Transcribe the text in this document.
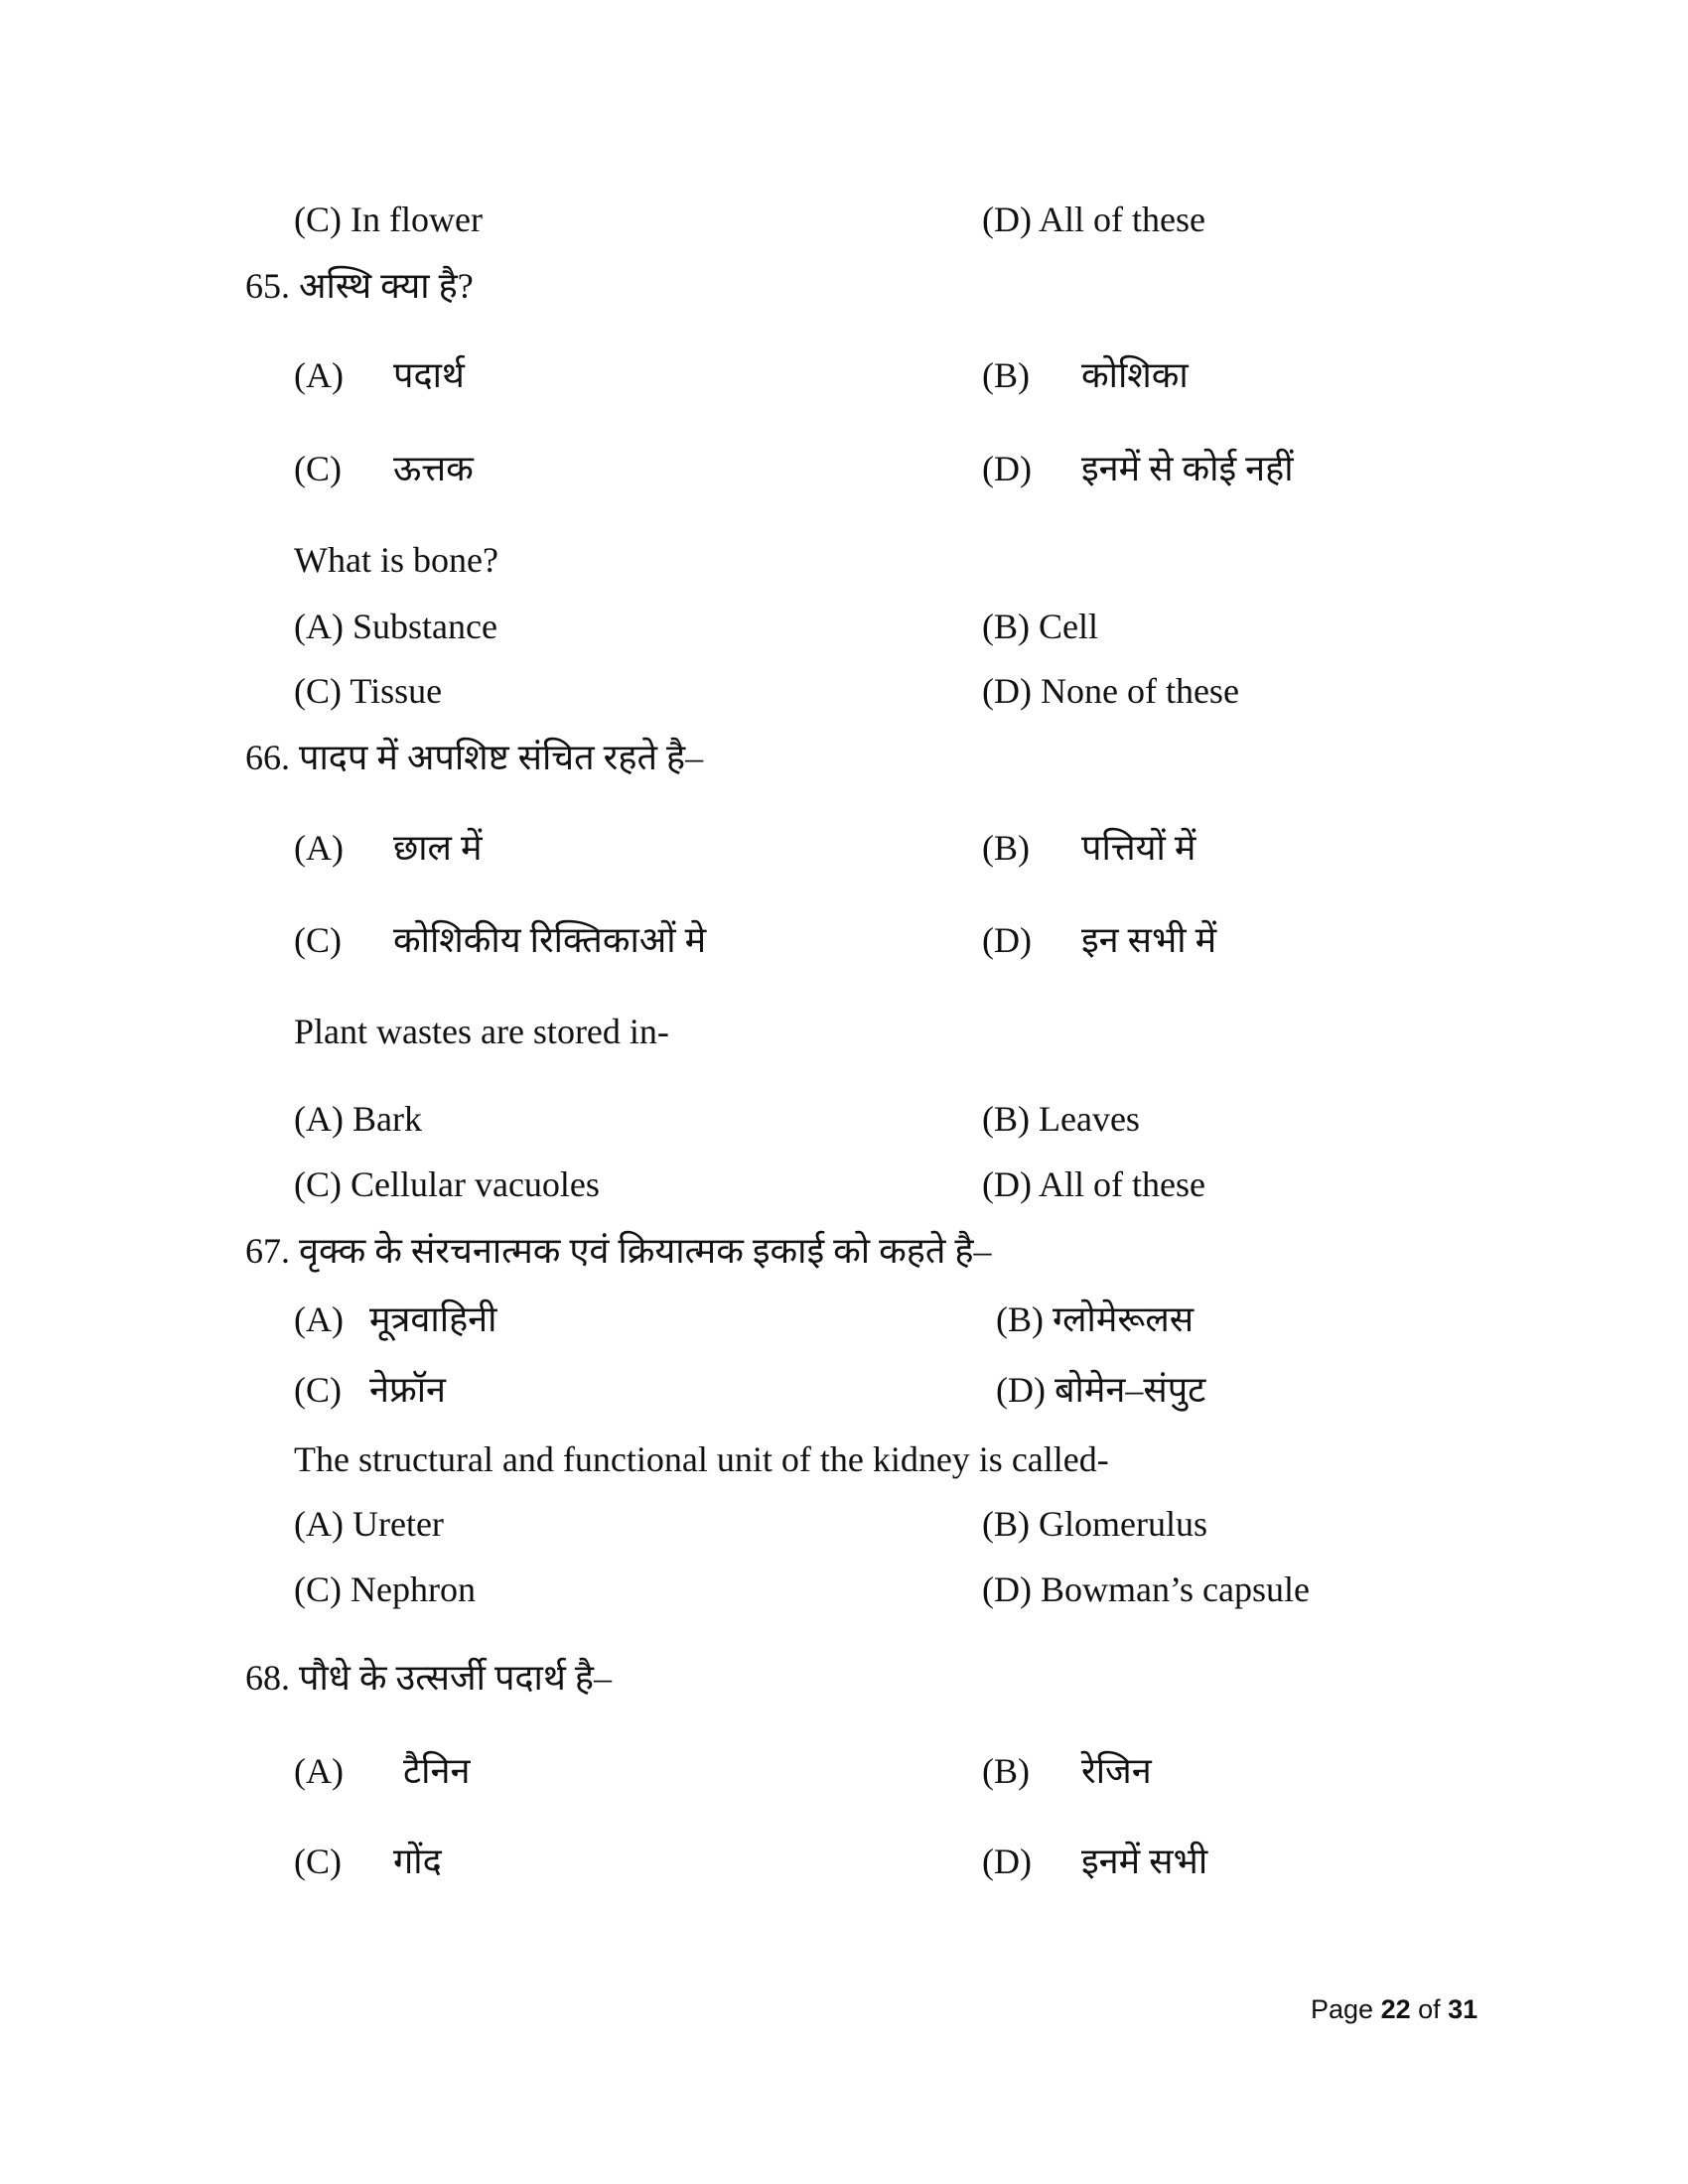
(C) In flower	(D) All of these
65. अस्थि क्या है?
(A) पदार्थ	(B) कोशिका
(C) ऊत्तक	(D) इनमें से कोई नहीं
What is bone?
(A) Substance	(B) Cell
(C) Tissue	(D) None of these
66. पादप में अपशिष्ट संचित रहते है–
(A) छाल में	(B) पत्तियों में
(C) कोशिकीय रिक्तिकाओं मे	(D) इन सभी में
Plant wastes are stored in-
(A) Bark	(B) Leaves
(C) Cellular vacuoles	(D) All of these
67. वृक्क के संरचनात्मक एवं क्रियात्मक इकाई को कहते है–
(A) मूत्रवाहिनी	(B) ग्लोमेरूलस
(C) नेफ्रॉन	(D) बोमेन–संपुट
The structural and functional unit of the kidney is called-
(A) Ureter	(B) Glomerulus
(C) Nephron	(D) Bowman’s capsule
68. पौधे के उत्सर्जी पदार्थ है–
(A) टैनिन	(B) रेजिन
(C) गोंद	(D) इनमें सभी
Page 22 of 31
